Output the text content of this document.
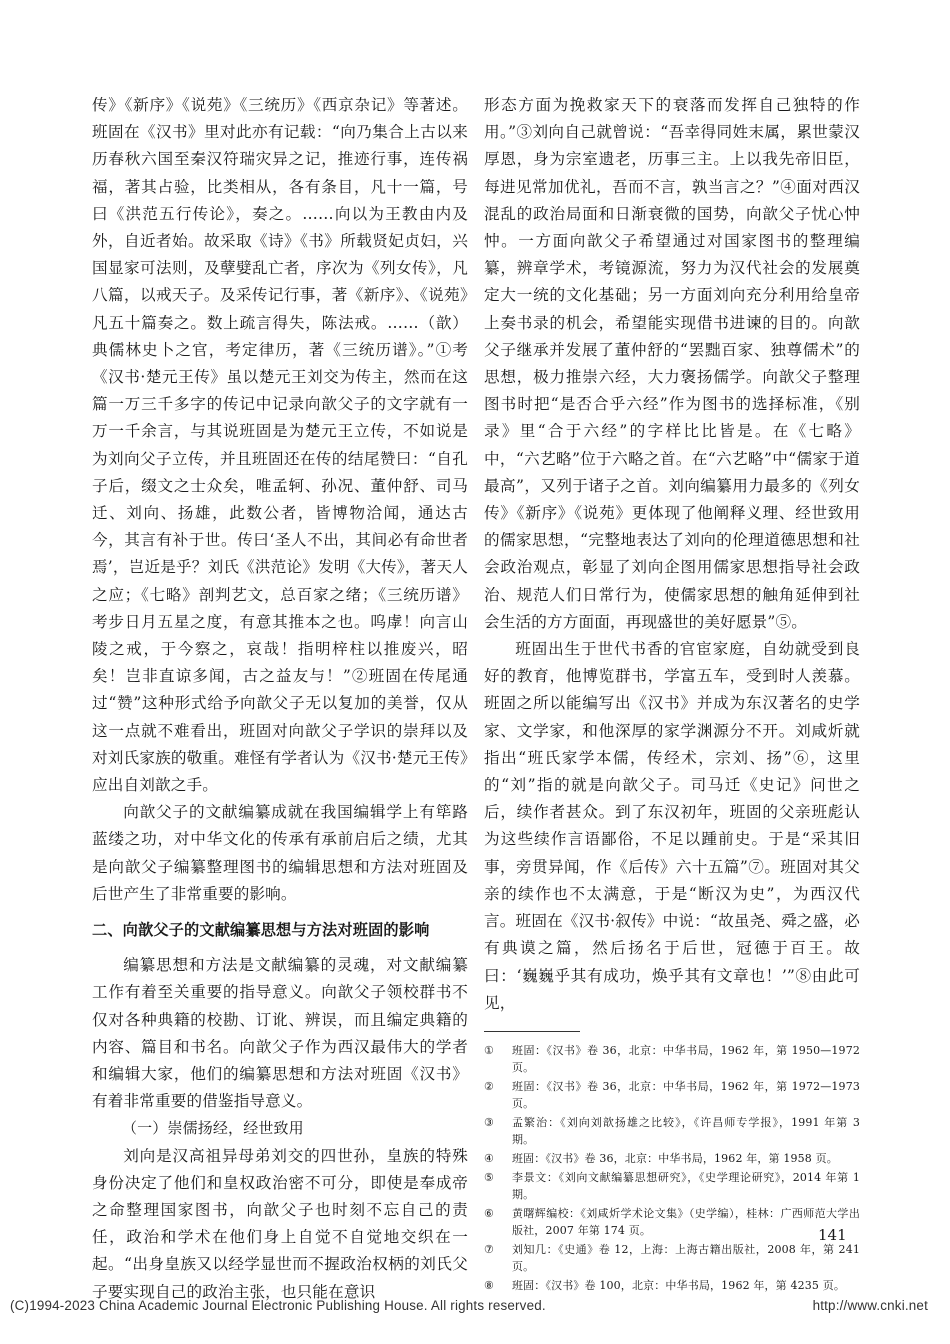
传》《新序》《说苑》《三统历》《西京杂记》等著述。班固在《汉书》里对此亦有记载：“向乃集合上古以来历春秋六国至秦汉符瑞灾异之记，推迹行事，连传祸福，著其占验，比类相从，各有条目，凡十一篇，号曰《洪范五行传论》，奏之。……向以为王教由内及外，自近者始。故采取《诗》《书》所载贤妃贞妇，兴国显家可法则，及孽嬖乱亡者，序次为《列女传》，凡八篇，以戒天子。及采传记行事，著《新序》、《说苑》凡五十篇奏之。数上疏言得失，陈法戒。……（歆）典儒林史卜之官，考定律历，著《三统历谱》。”①考《汉书·楚元王传》虽以楚元王刘交为传主，然而在这篇一万三千多字的传记中记录向歆父子的文字就有一万一千余言，与其说班固是为楚元王立传，不如说是为刘向父子立传，并且班固还在传的结尾赞曰：“自孔子后，缀文之士众矣，唯孟轲、孙况、董仲舒、司马迁、刘向、扬雄，此数公者，皆博物洽闻，通达古今，其言有补于世。传曰‘圣人不出，其间必有命世者焉’，岂近是乎？刘氏《洪范论》发明《大传》，著天人之应；《七略》剖判艺文，总百家之绪；《三统历谱》考步日月五星之度，有意其推本之也。呜虖！向言山陵之戒，于今察之，哀哉！指明梓柱以推废兴，昭矣！岂非直谅多闻，古之益友与！”②班固在传尾通过“赞”这种形式给予向歆父子无以复加的美誉，仅从这一点就不难看出，班固对向歆父子学识的崇拜以及对刘氏家族的敬重。难怪有学者认为《汉书·楚元王传》应出自刘歆之手。

向歆父子的文献编纂成就在我国编辑学上有筚路蓝缕之功，对中华文化的传承有承前启后之绩，尤其是向歆父子编纂整理图书的编辑思想和方法对班固及后世产生了非常重要的影响。

二、向歆父子的文献编纂思想与方法对班固的影响

编纂思想和方法是文献编纂的灵魂，对文献编纂工作有着至关重要的指导意义。向歆父子领校群书不仅对各种典籍的校勘、订讹、辨误，而且编定典籍的内容、篇目和书名。向歆父子作为西汉最伟大的学者和编辑大家，他们的编纂思想和方法对班固《汉书》有着非常重要的借鉴指导意义。

（一）崇儒扬经，经世致用

刘向是汉高祖异母弟刘交的四世孙，皇族的特殊身份决定了他们和皇权政治密不可分，即使是奉成帝之命整理国家图书，向歆父子也时刻不忘自己的责任，政治和学术在他们身上自觉不自觉地交织在一起。“出身皇族又以经学显世而不握政治权柄的刘氏父子要实现自己的政治主张，也只能在意识

形态方面为挽救家天下的衰落而发挥自己独特的作用。”③刘向自己就曾说：“吾幸得同姓末属，累世蒙汉厚恩，身为宗室遗老，历事三主。上以我先帝旧臣，每进见常加优礼，吾而不言，孰当言之？”④面对西汉混乱的政治局面和日渐衰微的国势，向歆父子忧心忡忡。一方面向歆父子希望通过对国家图书的整理编纂，辨章学术，考镜源流，努力为汉代社会的发展奠定大一统的文化基础；另一方面刘向充分利用给皇帝上奏书录的机会，希望能实现借书进谏的目的。向歆父子继承并发展了董仲舒的“罢黜百家、独尊儒术”的思想，极力推崇六经，大力褒扬儒学。向歆父子整理图书时把“是否合乎六经”作为图书的选择标准，《别录》里“合于六经”的字样比比皆是。在《七略》中，“六艺略”位于六略之首。在“六艺略”中“儒家于道最高”，又列于诸子之首。刘向编纂用力最多的《列女传》《新序》《说苑》更体现了他阐释义理、经世致用的儒家思想，“完整地表达了刘向的伦理道德思想和社会政治观点，彰显了刘向企图用儒家思想指导社会政治、规范人们日常行为，使儒家思想的触角延伸到社会生活的方方面面，再现盛世的美好愿景”⑤。

班固出生于世代书香的官宦家庭，自幼就受到良好的教育，他博览群书，学富五车，受到时人羡慕。班固之所以能编写出《汉书》并成为东汉著名的史学家、文学家，和他深厚的家学渊源分不开。刘咸炘就指出“班氏家学本儒，传经术，宗刘、扬”⑥，这里的“刘”指的就是向歆父子。司马迁《史记》问世之后，续作者甚众。到了东汉初年，班固的父亲班彪认为这些续作言语鄙俗，不足以踵前史。于是“采其旧事，旁贯异闻，作《后传》六十五篇”⑦。班固对其父亲的续作也不太满意，于是“断汉为史”，为西汉代言。班固在《汉书·叙传》中说：“故虽尧、舜之盛，必有典谟之篇，然后扬名于后世，冠德于百王。故曰：‘巍巍乎其有成功，焕乎其有文章也！’”⑧由此可见，

①	班固：《汉书》卷 36，北京：中华书局，1962 年，第 1950—1972 页。
②	班固：《汉书》卷 36，北京：中华书局，1962 年，第 1972—1973 页。
③	孟繁治：《刘向刘歆扬雄之比较》，《许昌师专学报》，1991 年第 3 期。
④	班固：《汉书》卷 36，北京：中华书局，1962 年，第 1958 页。
⑤	李景文：《刘向文献编纂思想研究》，《史学理论研究》，2014 年第 1 期。
⑥	黄曙辉编校：《刘咸炘学术论文集》（史学编），桂林：广西师范大学出版社，2007 年第 174 页。
⑦	刘知几：《史通》卷 12，上海：上海古籍出版社，2008 年，第 241 页。
⑧	班固：《汉书》卷 100，北京：中华书局，1962 年，第 4235 页。
141
(C)1994-2023 China Academic Journal Electronic Publishing House. All rights reserved.	http://www.cnki.net
